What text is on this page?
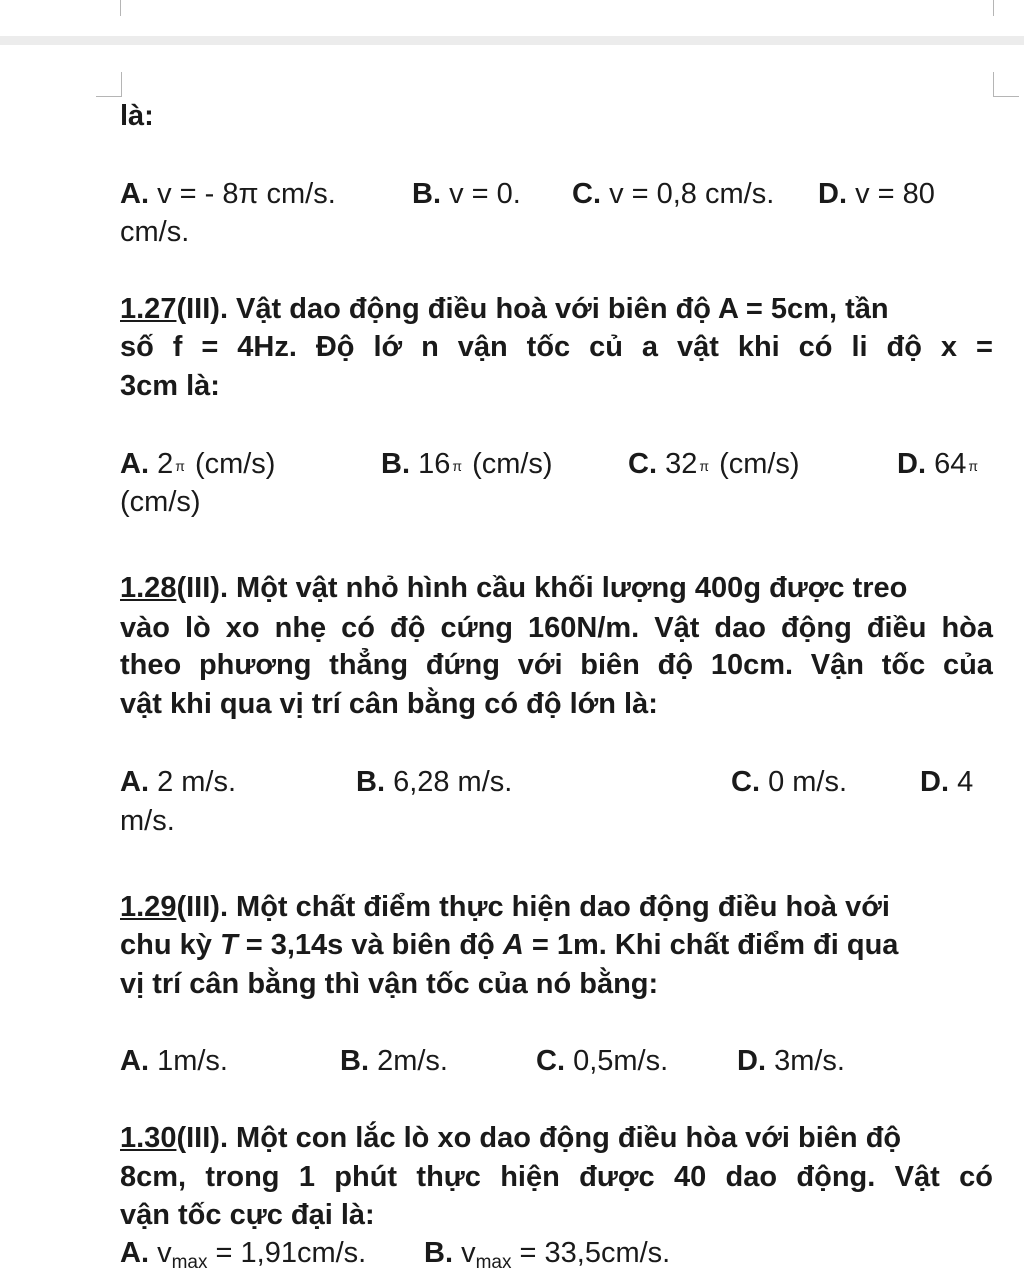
là:
A. v = - 8π cm/s.	B. v = 0. C. v = 0,8 cm/s. D. v = 80
cm/s.
1.27(III). Vật dao động điều hoà với biên độ A = 5cm, tần
số f = 4Hz. Độ lớ n vận tốc củ a vật khi có li độ x =
3cm là:
A. 2 π (cm/s)	B. 16 π (cm/s)	C. 32 π (cm/s)	D. 64 π
(cm/s)
1.28(III). Một vật nhỏ hình cầu khối lượng 400g được treo
vào lò xo nhẹ có độ cứng 160N/m. Vật dao động điều hòa
theo phương thẳng đứng với biên độ 10cm. Vận tốc của
vật khi qua vị trí cân bằng có độ lớn là:
A. 2 m/s.	B. 6,28 m/s.	C. 0 m/s.	D. 4
m/s.
1.29(III). Một chất điểm thực hiện dao động điều hoà với
chu kỳ T = 3,14s và biên độ A = 1m. Khi chất điểm đi qua
vị trí cân bằng thì vận tốc của nó bằng:
A. 1m/s.	B. 2m/s.	C. 0,5m/s. D. 3m/s.
1.30(III). Một con lắc lò xo dao động điều hòa với biên độ
8cm, trong 1 phút thực hiện được 40 dao động. Vật có
vận tốc cực đại là:
A. $v_{max} = 1,91cm/s$. B. $v_{max} = 33,5cm/s$.
